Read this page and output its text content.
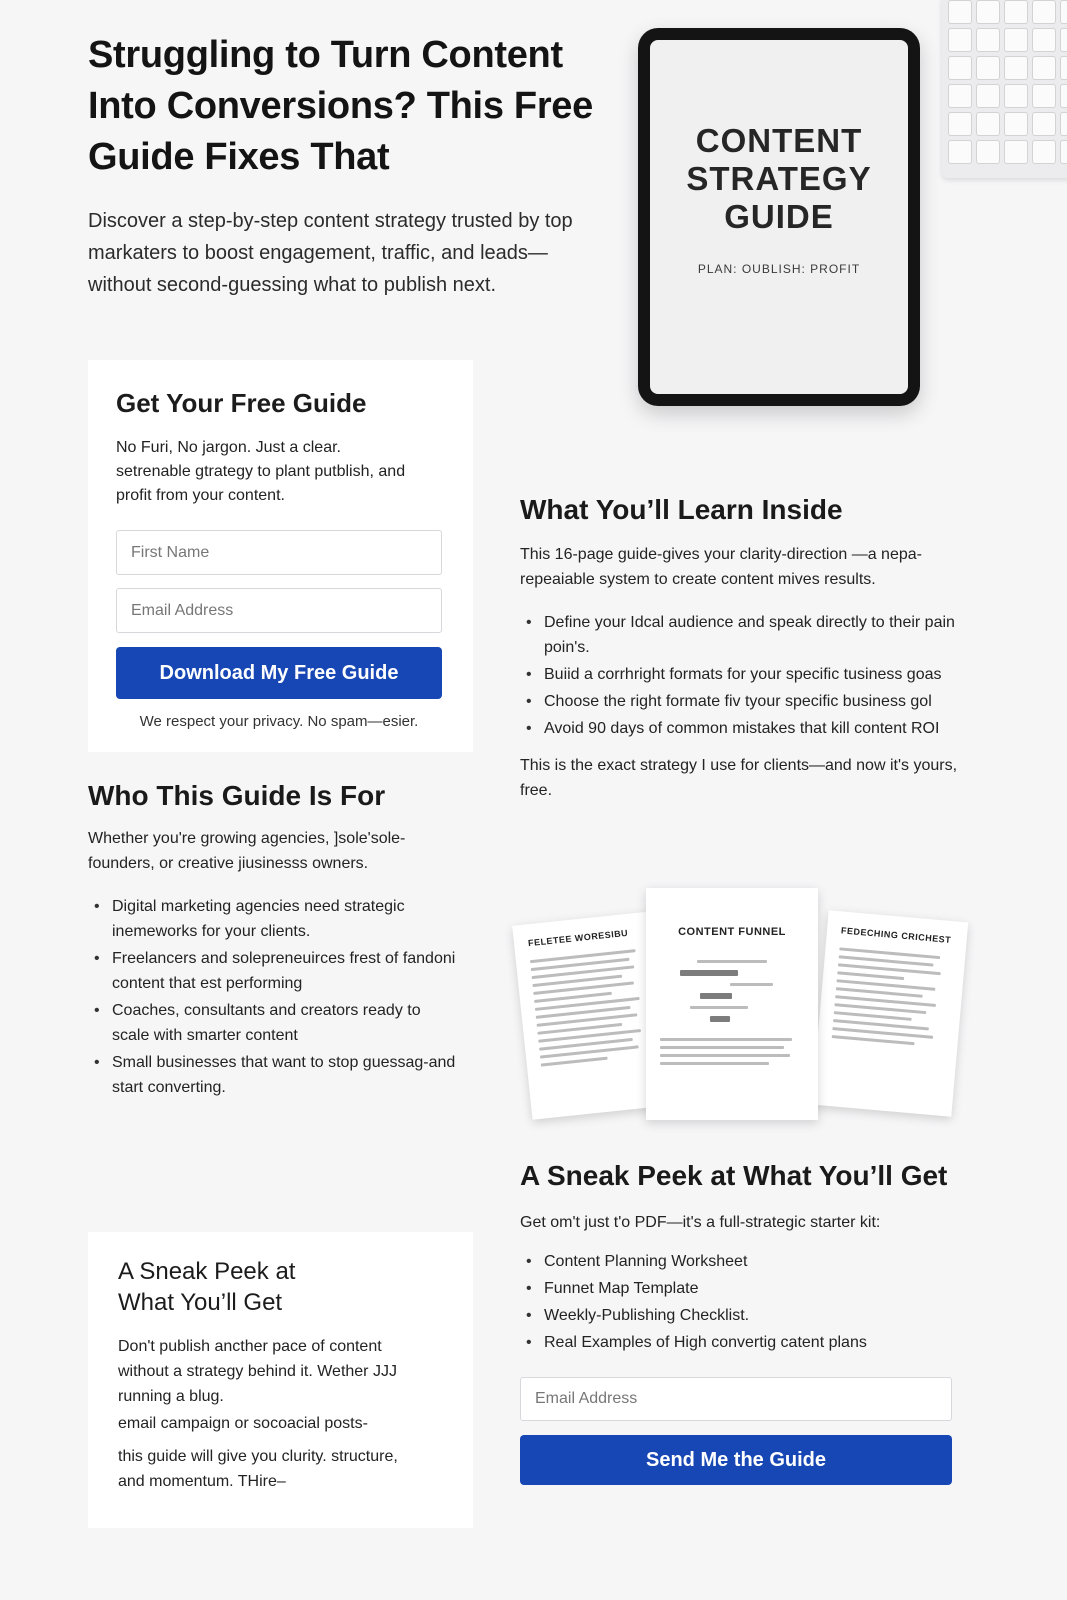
Struggling to Turn Content Into Conversions? This Free Guide Fixes That

Discover a step-by-step content strategy trusted by top markaters to boost engagement, traffic, and leads—without second-guessing what to publish next.

CONTENT
STRATEGY
GUIDE
PLAN: OUBLISH: PROFIT
Get Your Free Guide

No Furi, No jargon. Just a clear. setrenable gtrategy to plant putblish, and profit from your content.

First Name
Email Address
Download My Free Guide

We respect your privacy. No spam—esier.

What You’ll Learn Inside

This 16-page guide-gives your clarity-direction —a nepa-repeaiable system to create content mives results.

• Define your Idcal audience and speak directly to their pain poin's.
• Buiid a corrhright formats for your specific tusiness goas
• Choose the right formate fiv tyour specific business gol
• Avoid 90 days of common mistakes that kill content ROI

This is the exact strategy I use for clients—and now it's yours, free.

Who This Guide Is For

Whether you're growing agencies, ]sole'sole-founders, or creative jiusinesss owners.

• Digital marketing agencies need strategic inemeworks for your clients.
• Freelancers and solepreneuirces frest of fandoni content that est performing
• Coaches, consultants and creators ready to scale with smarter content
• Small businesses that want to stop guessag-and start converting.
FELETEE WORESIBU	FEDECHING CRICHEST
CONTENT FUNNEL
A Sneak Peek at What You’ll Get

Get om't just t'o PDF—it's a full-strategic starter kit:

• Content Planning Worksheet
• Funnet Map Template
• Weekly-Publishing Checklist.
• Real Examples of High convertig catent plans
Email Address
Send Me the Guide
A Sneak Peek at What You’ll Get

Don't publish ancther pace of content without a strategy behind it. Wether JJJ running a blug.

email campaign or socoacial posts-

this guide will give you clurity. structure, and momentum. THire–
